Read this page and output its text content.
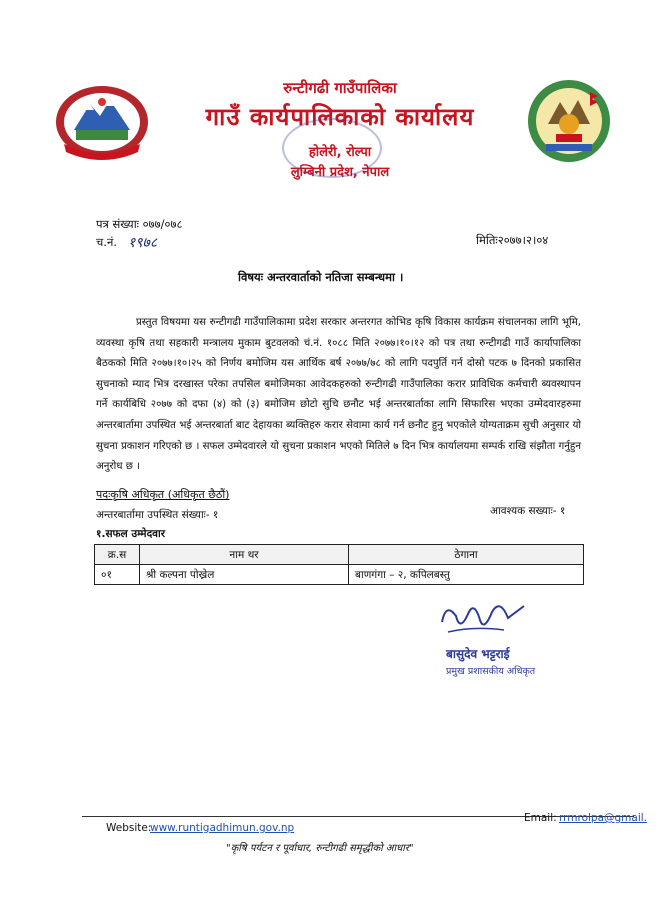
रुन्टीगढी गाउँपालिका
गाउँ कार्यपालिकाको कार्यालय
होलेरी, रोल्पा
लुम्बिनी प्रदेश, नेपाल
पत्र संख्याः ०७७/०७८
च.नं. १९७८	मितिः२०७७।२।०४
विषयः अन्तरवार्ताको नतिजा सम्बन्धमा ।
प्रस्तुत विषयमा यस रुन्टीगढी गाउँपालिकामा प्रदेश सरकार अन्तरगत कोभिड कृषि विकास कार्यक्रम संचालनका लागि भूमि, व्यवस्था कृषि तथा सहकारी मन्त्रालय मुकाम बुटवलको चं.नं. १०८८ मिति २०७७।१०।१२ को पत्र तथा रुन्टीगढी गाउँ कार्यापालिका बैठकको मिति २०७७।१०।२५ को निर्णय बमोजिम यस आर्थिक बर्ष २०७७/७८ को लागि पदपुर्ति गर्न दोस्रो पटक ७ दिनको प्रकासित सुचनाको म्याद भित्र दरखास्त परेका तपसिल बमोजिमका आवेदकहरुको रुन्टीगढी गाउँपालिका करार प्राविधिक कर्मचारी ब्यवस्थापन गर्ने कार्यबिधि २०७७ को दफा (४) को (३) बमोजिम छोटो सुचि छनौट भई अन्तरबार्ताका लागि सिफारिस भएका उम्मेदवारहरुमा अन्तरबार्तामा उपस्थित भई अन्तरबार्ता बाट देहायका ब्यक्तिहरु करार सेवामा कार्य गर्न छनौट हुनु भएकोले योग्यताक्रम सुची अनुसार यो सुचना प्रकाशन गरिएको छ । सफल उम्मेदवारले यो सुचना प्रकाशन भएको मितिले ७ दिन भित्र कार्यालयमा सम्पर्क राखि संझौता गर्नुहुन अनुरोध छ ।
पदःकृषि अधिकृत (अधिकृत छैठौं)
अन्तरबार्तामा उपस्थित संख्याः- १	आवश्यक सख्याः- १
१.सफल उम्मेदवार
क्र.स	नाम थर	ठेगाना
०१	श्री कल्पना पोख्रेल	बाणगंगा – २, कपिलबस्तु
बासुदेव भट्टराई
प्रमुख प्रशासकीय अधिकृत
Website:
www.runtigadhimun.gov.np
Email: rrmrolpa@gmail.
"कृषि पर्यटन र पूर्वाधार, रुन्टीगढी समृद्धीको आधार"
